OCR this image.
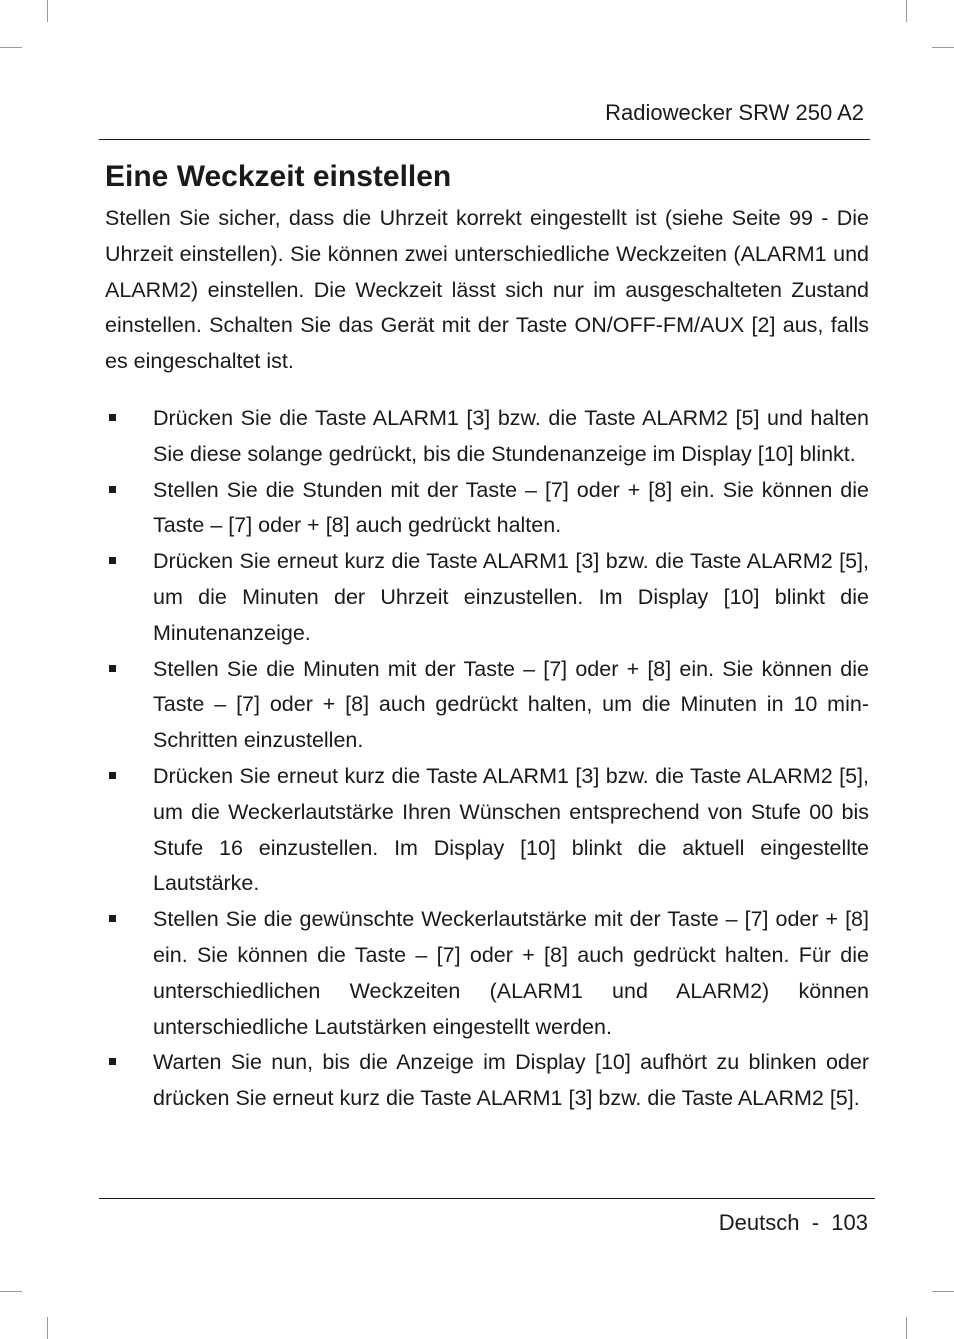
Radiowecker SRW 250 A2
Eine Weckzeit einstellen

Stellen Sie sicher, dass die Uhrzeit korrekt eingestellt ist (siehe Seite 99 - Die Uhrzeit einstellen). Sie können zwei unterschiedliche Weckzeiten (ALARM1 und ALARM2) einstellen. Die Weckzeit lässt sich nur im ausgeschalteten Zustand einstellen. Schalten Sie das Gerät mit der Taste ON/OFF-FM/AUX [2] aus, falls es eingeschaltet ist.

Drücken Sie die Taste ALARM1 [3] bzw. die Taste ALARM2 [5] und halten Sie diese solange gedrückt, bis die Stundenanzeige im Display [10] blinkt.
Stellen Sie die Stunden mit der Taste – [7] oder + [8] ein. Sie können die Taste – [7] oder + [8] auch gedrückt halten.
Drücken Sie erneut kurz die Taste ALARM1 [3] bzw. die Taste ALARM2 [5], um die Minuten der Uhrzeit einzustellen. Im Display [10] blinkt die Minutenanzeige.
Stellen Sie die Minuten mit der Taste – [7] oder + [8] ein. Sie können die Taste – [7] oder + [8] auch gedrückt halten, um die Minuten in 10 min-Schritten einzustellen.
Drücken Sie erneut kurz die Taste ALARM1 [3] bzw. die Taste ALARM2 [5], um die Weckerlautstärke Ihren Wünschen entsprechend von Stufe 00 bis Stufe 16 einzustellen. Im Display [10] blinkt die aktuell eingestellte Lautstärke.
Stellen Sie die gewünschte Weckerlautstärke mit der Taste – [7] oder + [8] ein. Sie können die Taste – [7] oder + [8] auch gedrückt halten. Für die unterschiedlichen Weckzeiten (ALARM1 und ALARM2) können unterschiedliche Lautstärken eingestellt werden.
Warten Sie nun, bis die Anzeige im Display [10] aufhört zu blinken oder drücken Sie erneut kurz die Taste ALARM1 [3] bzw. die Taste ALARM2 [5].
Deutsch - 103
